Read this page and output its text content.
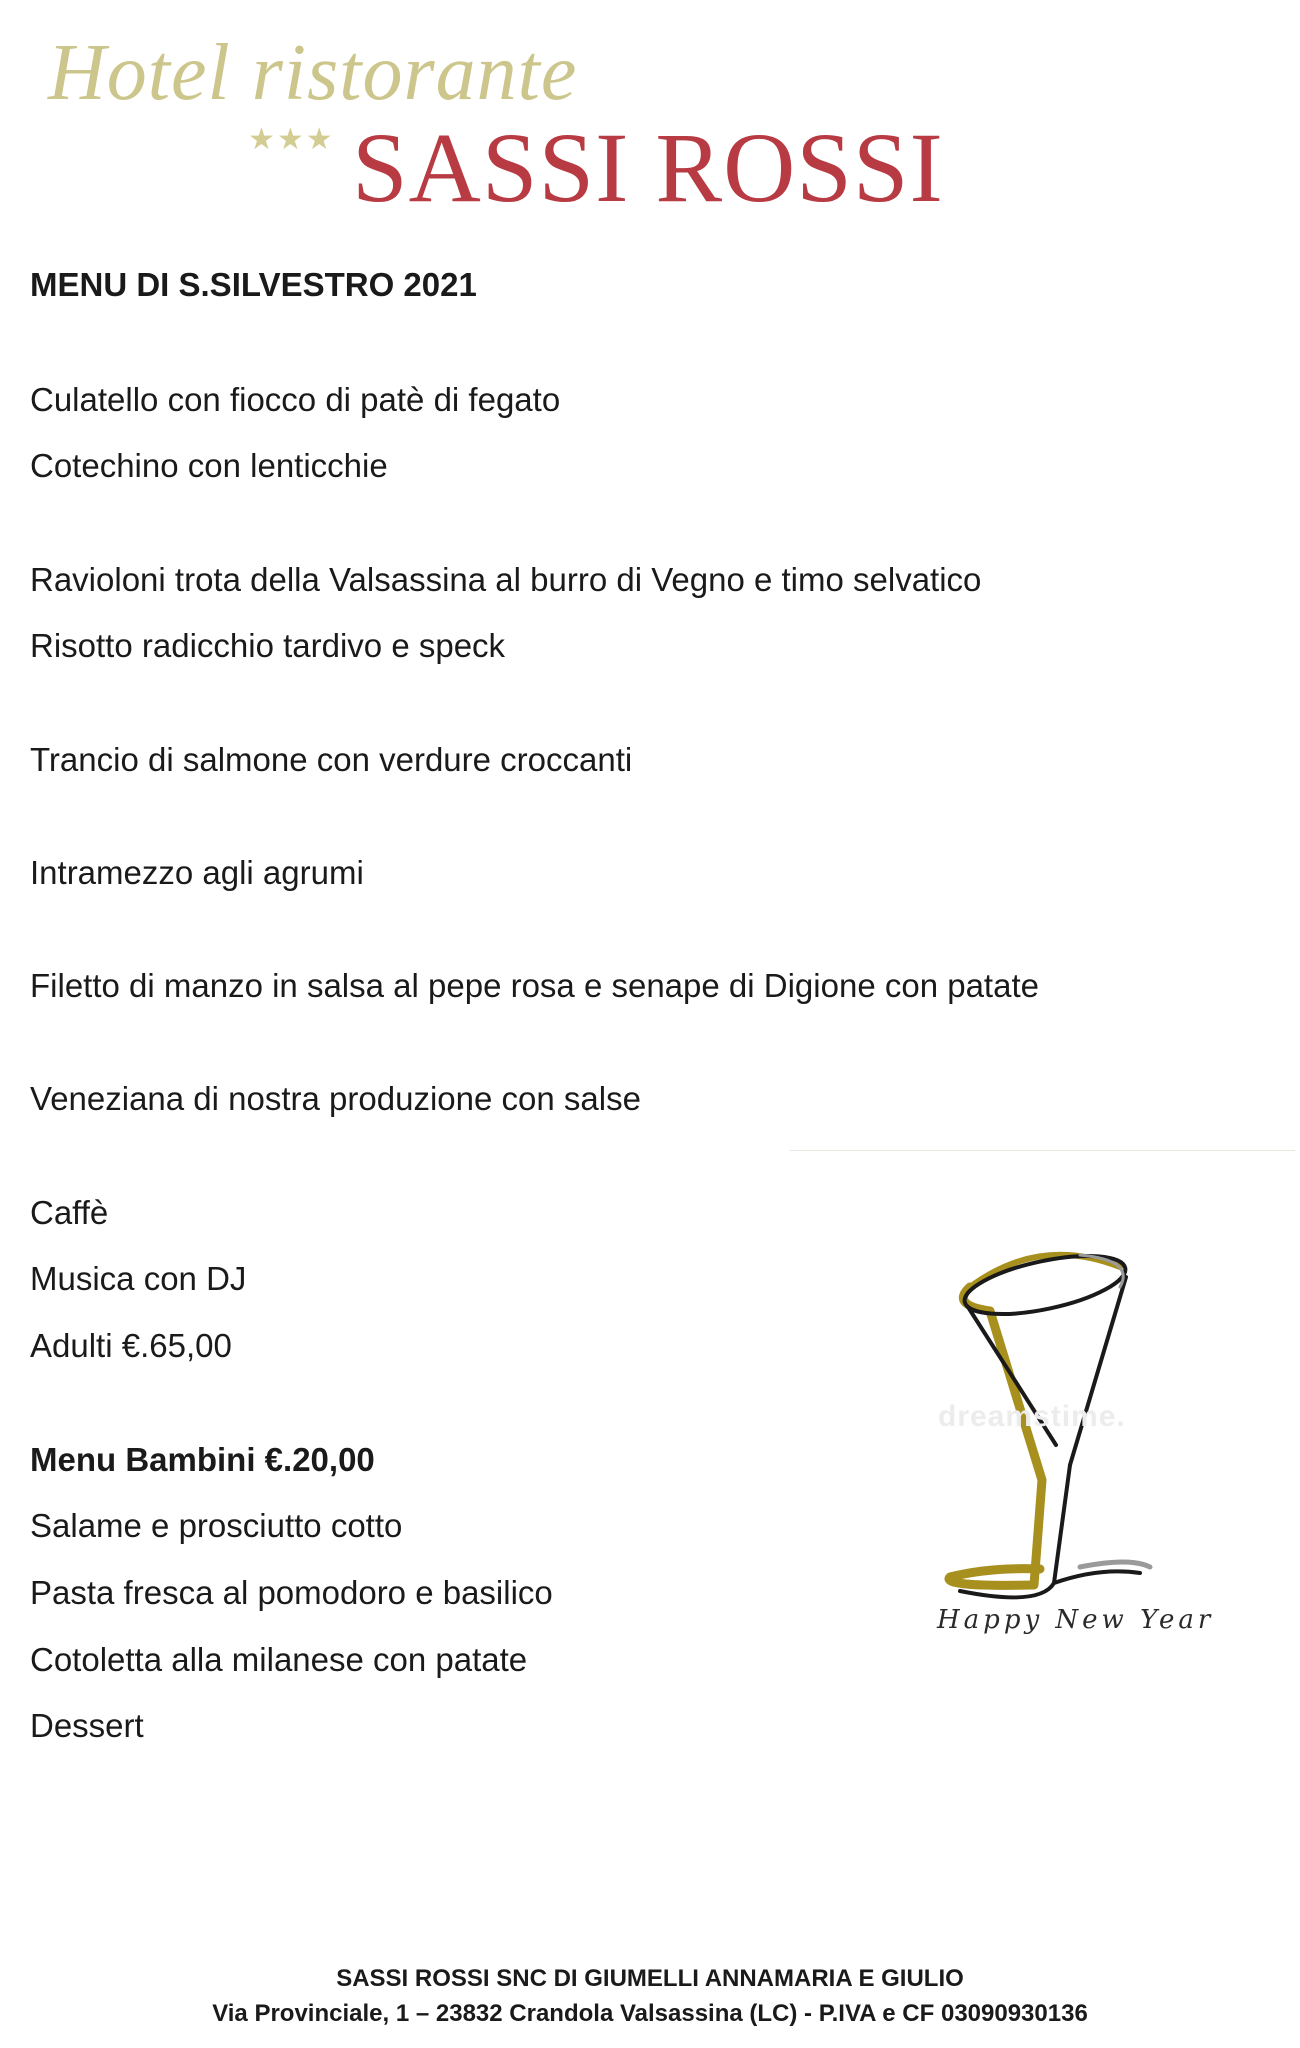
Hotel ristorante
★★★ SASSI ROSSI
MENU DI S.SILVESTRO 2021
Culatello con fiocco di patè di fegato
Cotechino con lenticchie
Ravioloni trota della Valsassina al burro di Vegno e timo selvatico
Risotto radicchio tardivo e speck
Trancio di salmone con verdure croccanti
Intramezzo agli agrumi
Filetto di manzo in salsa al pepe rosa e senape di Digione con patate
Veneziana di nostra produzione con salse
Caffè
Musica con DJ
Adulti €.65,00
Menu Bambini €.20,00
Salame e prosciutto cotto
Pasta fresca al pomodoro e basilico
Cotoletta alla milanese con patate
Dessert
dreamstime.
Happy New Year
SASSI ROSSI SNC DI GIUMELLI ANNAMARIA E GIULIO
Via Provinciale, 1 – 23832 Crandola Valsassina (LC) - P.IVA e CF 03090930136
